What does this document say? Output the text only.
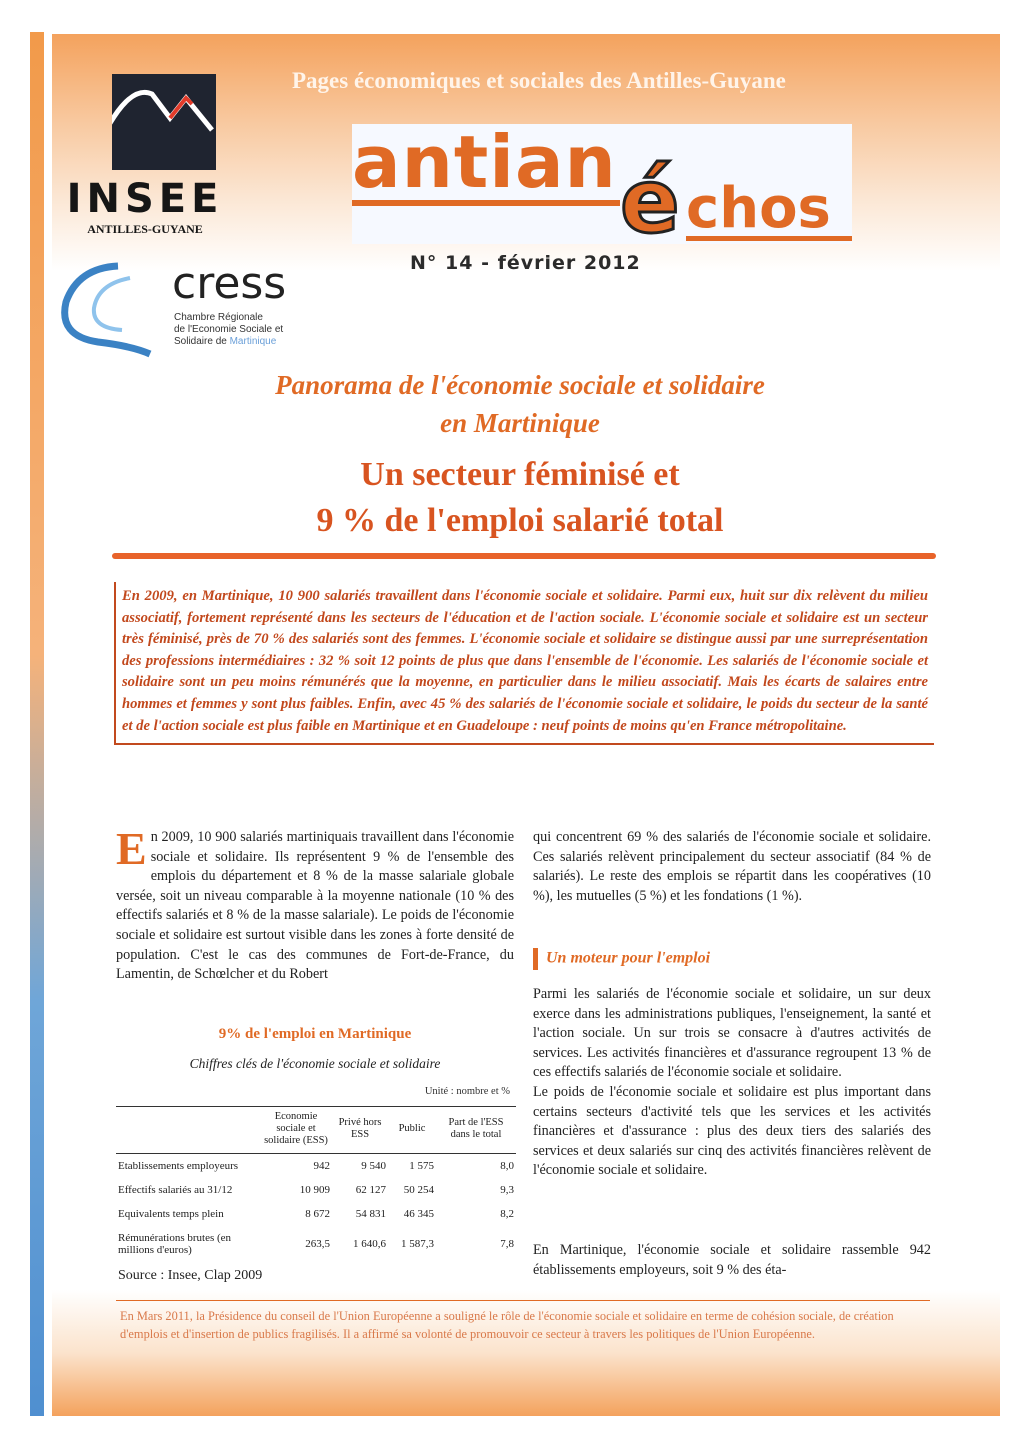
Pages économiques et sociales des Antilles-Guyane
INSEE
ANTILLES-GUYANE
antian é chos
N° 14 - février 2012
cress
Chambre Régionale
de l'Economie Sociale et
Solidaire de Martinique
Panorama de l'économie sociale et solidaire
en Martinique
Un secteur féminisé et
9 % de l'emploi salarié total
En 2009, en Martinique, 10 900 salariés travaillent dans l'économie sociale et solidaire. Parmi eux, huit sur dix relèvent du milieu associatif, fortement représenté dans les secteurs de l'éducation et de l'action sociale. L'économie sociale et solidaire est un secteur très féminisé, près de 70 % des salariés sont des femmes. L'économie sociale et solidaire se distingue aussi par une surreprésentation des professions intermédiaires : 32 % soit 12 points de plus que dans l'ensemble de l'économie. Les salariés de l'économie sociale et solidaire sont un peu moins rémunérés que la moyenne, en particulier dans le milieu associatif. Mais les écarts de salaires entre hommes et femmes y sont plus faibles. Enfin, avec 45 % des salariés de l'économie sociale et solidaire, le poids du secteur de la santé et de l'action sociale est plus faible en Martinique et en Guadeloupe : neuf points de moins qu'en France métropolitaine.
En 2009, 10 900 salariés martiniquais travaillent dans l'économie sociale et solidaire. Ils représentent 9 % de l'ensemble des emplois du département et 8 % de la masse salariale globale versée, soit un niveau comparable à la moyenne nationale (10 % des effectifs salariés et 8 % de la masse salariale). Le poids de l'économie sociale et solidaire est surtout visible dans les zones à forte densité de population. C'est le cas des communes de Fort-de-France, du Lamentin, de Schœlcher et du Robert
9% de l'emploi en Martinique
Chiffres clés de l'économie sociale et solidaire
Unité : nombre et %
	Economie sociale et solidaire (ESS)	Privé hors ESS	Public	Part de l'ESS dans le total
Etablissements employeurs	942	9 540	1 575	8,0
Effectifs salariés au 31/12	10 909	62 127	50 254	9,3
Equivalents temps plein	8 672	54 831	46 345	8,2
Rémunérations brutes (en millions d'euros)	263,5	1 640,6	1 587,3	7,8
Source : Insee, Clap 2009

qui concentrent 69 % des salariés de l'économie sociale et solidaire. Ces salariés relèvent principalement du secteur associatif (84 % de salariés). Le reste des emplois se répartit dans les coopératives (10 %), les mutuelles (5 %) et les fondations (1 %).

Un moteur pour l'emploi

Parmi les salariés de l'économie sociale et solidaire, un sur deux exerce dans les administrations publiques, l'enseignement, la santé et l'action sociale. Un sur trois se consacre à d'autres activités de services. Les activités financières et d'assurance regroupent 13 % de ces effectifs salariés de l'économie sociale et solidaire.

Le poids de l'économie sociale et solidaire est plus important dans certains secteurs d'activité tels que les services et les activités financières et d'assurance : plus des deux tiers des salariés des services et deux salariés sur cinq des activités financières relèvent de l'économie sociale et solidaire.

En Martinique, l'économie sociale et solidaire rassemble 942 établissements employeurs, soit 9 % des éta-
En Mars 2011, la Présidence du conseil de l'Union Européenne a souligné le rôle de l'économie sociale et solidaire en terme de cohésion sociale, de création d'emplois et d'insertion de publics fragilisés. Il a affirmé sa volonté de promouvoir ce secteur à travers les politiques de l'Union Européenne.
